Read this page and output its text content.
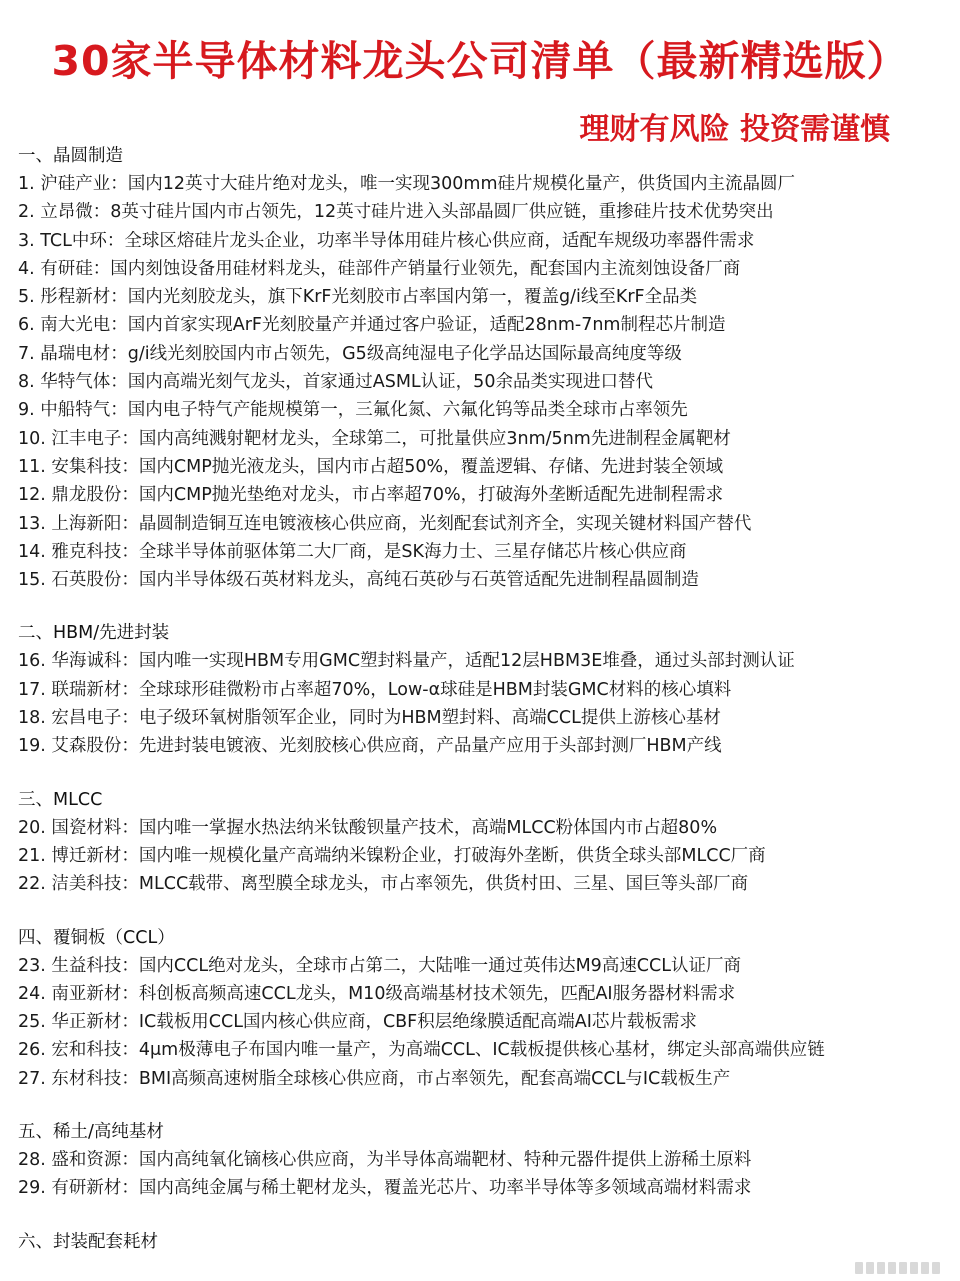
30家半导体材料龙头公司清单（最新精选版）
理财有风险 投资需谨慎
一、晶圆制造
1. 沪硅产业：国内12英寸大硅片绝对龙头，唯一实现300mm硅片规模化量产，供货国内主流晶圆厂
2. 立昂微：8英寸硅片国内市占领先，12英寸硅片进入头部晶圆厂供应链，重掺硅片技术优势突出
3. TCL中环：全球区熔硅片龙头企业，功率半导体用硅片核心供应商，适配车规级功率器件需求
4. 有研硅：国内刻蚀设备用硅材料龙头，硅部件产销量行业领先，配套国内主流刻蚀设备厂商
5. 彤程新材：国内光刻胶龙头，旗下KrF光刻胶市占率国内第一，覆盖g/i线至KrF全品类
6. 南大光电：国内首家实现ArF光刻胶量产并通过客户验证，适配28nm-7nm制程芯片制造
7. 晶瑞电材：g/i线光刻胶国内市占领先，G5级高纯湿电子化学品达国际最高纯度等级
8. 华特气体：国内高端光刻气龙头，首家通过ASML认证，50余品类实现进口替代
9. 中船特气：国内电子特气产能规模第一，三氟化氮、六氟化钨等品类全球市占率领先
10. 江丰电子：国内高纯溅射靶材龙头，全球第二，可批量供应3nm/5nm先进制程金属靶材
11. 安集科技：国内CMP抛光液龙头，国内市占超50%，覆盖逻辑、存储、先进封装全领域
12. 鼎龙股份：国内CMP抛光垫绝对龙头，市占率超70%，打破海外垄断适配先进制程需求
13. 上海新阳：晶圆制造铜互连电镀液核心供应商，光刻配套试剂齐全，实现关键材料国产替代
14. 雅克科技：全球半导体前驱体第二大厂商，是SK海力士、三星存储芯片核心供应商
15. 石英股份：国内半导体级石英材料龙头，高纯石英砂与石英管适配先进制程晶圆制造
二、HBM/先进封装
16. 华海诚科：国内唯一实现HBM专用GMC塑封料量产，适配12层HBM3E堆叠，通过头部封测认证
17. 联瑞新材：全球球形硅微粉市占率超70%，Low-α球硅是HBM封装GMC材料的核心填料
18. 宏昌电子：电子级环氧树脂领军企业，同时为HBM塑封料、高端CCL提供上游核心基材
19. 艾森股份：先进封装电镀液、光刻胶核心供应商，产品量产应用于头部封测厂HBM产线
三、MLCC
20. 国瓷材料：国内唯一掌握水热法纳米钛酸钡量产技术，高端MLCC粉体国内市占超80%
21. 博迁新材：国内唯一规模化量产高端纳米镍粉企业，打破海外垄断，供货全球头部MLCC厂商
22. 洁美科技：MLCC载带、离型膜全球龙头，市占率领先，供货村田、三星、国巨等头部厂商
四、覆铜板（CCL）
23. 生益科技：国内CCL绝对龙头，全球市占第二，大陆唯一通过英伟达M9高速CCL认证厂商
24. 南亚新材：科创板高频高速CCL龙头，M10级高端基材技术领先，匹配AI服务器材料需求
25. 华正新材：IC载板用CCL国内核心供应商，CBF积层绝缘膜适配高端AI芯片载板需求
26. 宏和科技：4μm极薄电子布国内唯一量产，为高端CCL、IC载板提供核心基材，绑定头部高端供应链
27. 东材科技：BMI高频高速树脂全球核心供应商，市占率领先，配套高端CCL与IC载板生产
五、稀土/高纯基材
28. 盛和资源：国内高纯氧化镝核心供应商，为半导体高端靶材、特种元器件提供上游稀土原料
29. 有研新材：国内高纯金属与稀土靶材龙头，覆盖光芯片、功率半导体等多领域高端材料需求
六、封装配套耗材
